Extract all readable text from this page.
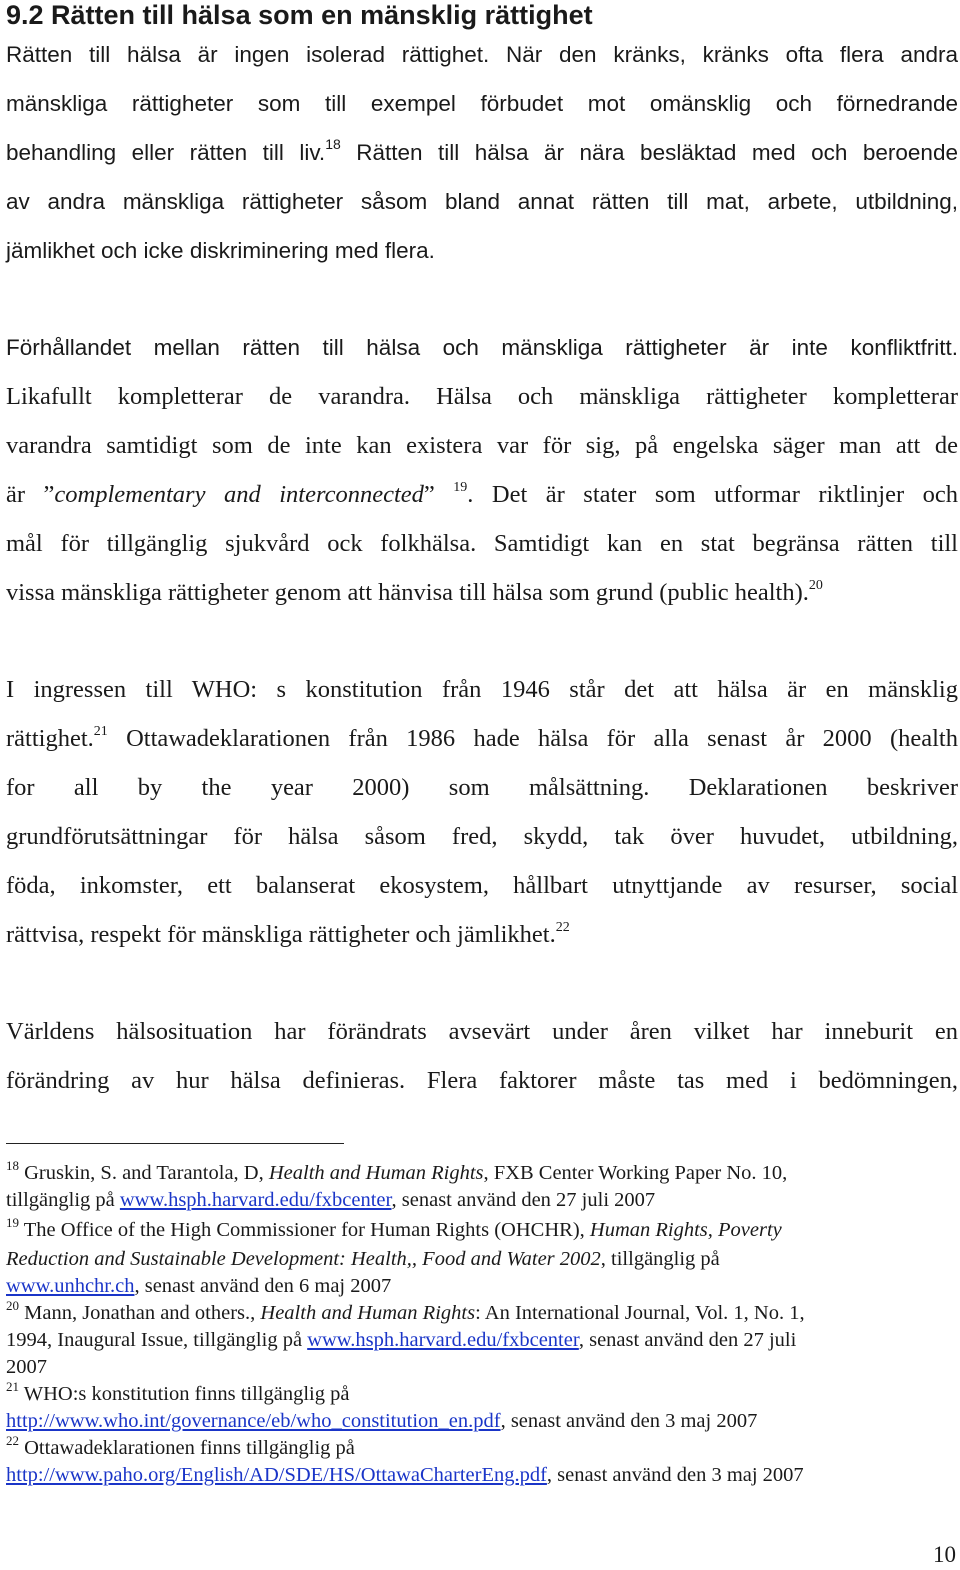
9.2 Rätten till hälsa som en mänsklig rättighet
Rätten till hälsa är ingen isolerad rättighet. När den kränks, kränks ofta flera andra
mänskliga rättigheter som till exempel förbudet mot omänsklig och förnedrande
behandling eller rätten till liv.$^{18}$ Rätten till hälsa är nära besläktad med och beroende
av andra mänskliga rättigheter såsom bland annat rätten till mat, arbete, utbildning,
jämlikhet och icke diskriminering med flera.
Förhållandet mellan rätten till hälsa och mänskliga rättigheter är inte konfliktfritt.
Likafullt kompletterar de varandra. Hälsa och mänskliga rättigheter kompletterar
varandra samtidigt som de inte kan existera var för sig, på engelska säger man att de
är ”complementary and interconnected” $^{19}$. Det är stater som utformar riktlinjer och
mål för tillgänglig sjukvård ock folkhälsa. Samtidigt kan en stat begränsa rätten till
vissa mänskliga rättigheter genom att hänvisa till hälsa som grund (public health).$^{20}$
I ingressen till WHO: s konstitution från 1946 står det att hälsa är en mänsklig
rättighet.$^{21}$ Ottawadeklarationen från 1986 hade hälsa för alla senast år 2000 (health
for all by the year 2000) som målsättning. Deklarationen beskriver
grundförutsättningar för hälsa såsom fred, skydd, tak över huvudet, utbildning,
föda, inkomster, ett balanserat ekosystem, hållbart utnyttjande av resurser, social
rättvisa, respekt för mänskliga rättigheter och jämlikhet.$^{22}$
Världens hälsosituation har förändrats avsevärt under åren vilket har inneburit en
förändring av hur hälsa definieras. Flera faktorer måste tas med i bedömningen,
$^{18}$ Gruskin, S. and Tarantola, D, Health and Human Rights, FXB Center Working Paper No. 10,
tillgänglig på www.hsph.harvard.edu/fxbcenter, senast använd den 27 juli 2007
$^{19}$ The Office of the High Commissioner for Human Rights (OHCHR), Human Rights, Poverty
Reduction and Sustainable Development: Health,, Food and Water 2002, tillgänglig på
www.unhchr.ch, senast använd den 6 maj 2007
$^{20}$ Mann, Jonathan and others., Health and Human Rights: An International Journal, Vol. 1, No. 1,
1994, Inaugural Issue, tillgänglig på www.hsph.harvard.edu/fxbcenter, senast använd den 27 juli
2007
$^{21}$ WHO:s konstitution finns tillgänglig på
http://www.who.int/governance/eb/who_constitution_en.pdf, senast använd den 3 maj 2007
$^{22}$ Ottawadeklarationen finns tillgänglig på
http://www.paho.org/English/AD/SDE/HS/OttawaCharterEng.pdf, senast använd den 3 maj 2007
10
